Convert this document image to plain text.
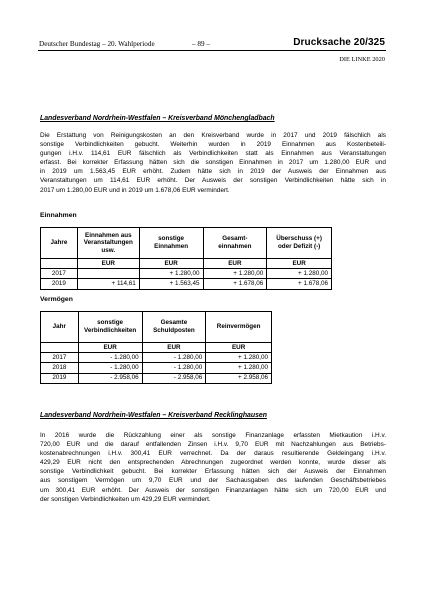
Deutscher Bundestag – 20. Wahlperiode	– 89 –	Drucksache 20/325
DIE LINKE 2020
Landesverband Nordrhein-Westfalen – Kreisverband Mönchengladbach
Die Erstattung von Reinigungskosten an den Kreisverband wurde in 2017 und 2019 fälschlich als
sonstige Verbindlichkeiten gebucht. Weiterhin wurden in 2019 Einnahmen aus Kostenbeteili-
gungen i.H.v. 114,61 EUR fälschlich als Verbindlichkeiten statt als Einnahmen aus Veranstaltungen
erfasst. Bei korrekter Erfassung hätten sich die sonstigen Einnahmen in 2017 um 1.280,00 EUR und
in 2019 um 1.563,45 EUR erhöht. Zudem hätte sich in 2019 der Ausweis der Einnahmen aus
Veranstaltungen um 114,61 EUR erhöht. Der Ausweis der sonstigen Verbindlichkeiten hätte sich in
2017 um 1.280,00 EUR und in 2019 um 1.678,06 EUR vermindert.
Einnahmen
Jahre	Einnahmen aus Veranstaltungen usw.	sonstige Einnahmen	Gesamt-einnahmen	Überschuss (+) oder Defizit (-)
	EUR	EUR	EUR	EUR
2017		+ 1.280,00	+ 1.280,00	+ 1.280,00
2019	+ 114,61	+ 1.563,45	+ 1.678,06	+ 1.678,06
Vermögen
Jahr	sonstige Verbindlichkeiten	Gesamte Schuldposten	Reinvermögen
	EUR	EUR	EUR
2017	- 1.280,00	- 1.280,00	+ 1.280,00
2018	- 1.280,00	- 1.280,00	+ 1.280,00
2019	- 2.958,06	- 2.958,06	+ 2.958,06
Landesverband Nordrhein-Westfalen – Kreisverband Recklinghausen
In 2016 wurde die Rückzahlung einer als sonstige Finanzanlage erfassten Mietkaution i.H.v.
720,00 EUR und die darauf entfallenden Zinsen i.H.v. 9,70 EUR mit Nachzahlungen aus Betriebs-
kostenabrechnungen i.H.v. 300,41 EUR verrechnet. Da der daraus resultierende Geldeingang i.H.v.
429,29 EUR nicht den entsprechenden Abrechnungen zugeordnet werden konnte, wurde dieser als
sonstige Verbindlichkeit gebucht. Bei korrekter Erfassung hätten sich der Ausweis der Einnahmen
aus sonstigem Vermögen um 9,70 EUR und der Sachausgaben des laufenden Geschäftsbetriebes
um 300,41 EUR erhöht. Der Ausweis der sonstigen Finanzanlagen hätte sich um 720,00 EUR und
der sonstigen Verbindlichkeiten um 429,29 EUR vermindert.
